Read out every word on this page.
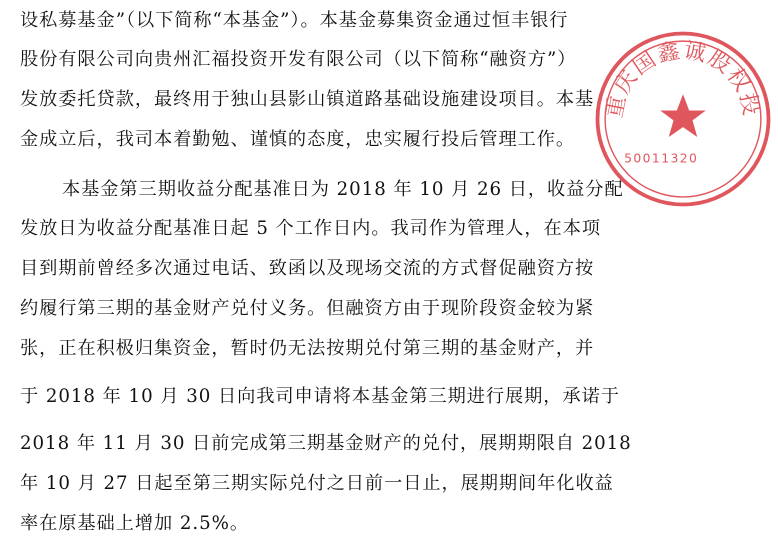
设私募基金”（以下简称“本基金”）。本基金募集资金通过恒丰银行
股份有限公司向贵州汇福投资开发有限公司（以下简称“融资方”）
发放委托贷款，最终用于独山县影山镇道路基础设施建设项目。本基
金成立后，我司本着勤勉、谨慎的态度，忠实履行投后管理工作。
本基金第三期收益分配基准日为 2018 年 10 月 26 日，收益分配
发放日为收益分配基准日起 5 个工作日内。我司作为管理人，在本项
目到期前曾经多次通过电话、致函以及现场交流的方式督促融资方按
约履行第三期的基金财产兑付义务。但融资方由于现阶段资金较为紧
张，正在积极归集资金，暂时仍无法按期兑付第三期的基金财产，并
于 2018 年 10 月 30 日向我司申请将本基金第三期进行展期，承诺于
2018 年 11 月 30 日前完成第三期基金财产的兑付，展期期限自 2018
年 10 月 27 日起至第三期实际兑付之日前一日止，展期期间年化收益
率在原基础上增加 2.5%。
重庆国鑫诚股权投
50011320
